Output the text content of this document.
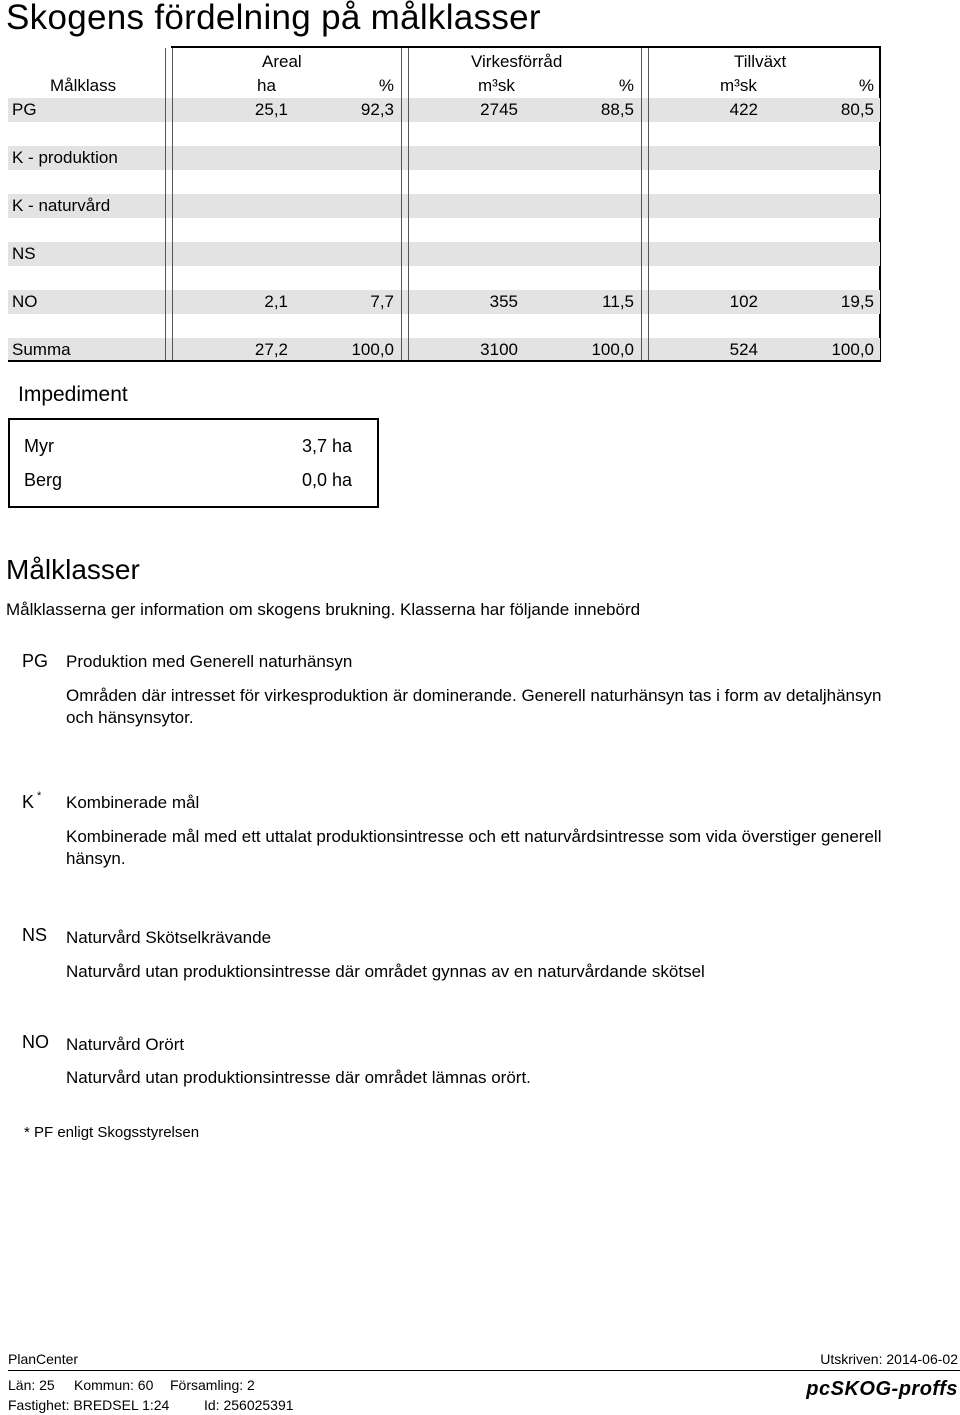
Skogens fördelning på målklasser
Areal	Virkesförråd	Tillväxt
Målklass	ha	%	m³sk	%	m³sk	%
PG	25,1	92,3	2745	88,5	422	80,5
K - produktion
K - naturvård
NS
NO	2,1	7,7	355	11,5	102	19,5
Summa	27,2	100,0	3100	100,0	524	100,0
Impediment
Myr	3,7 ha
Berg	0,0 ha
Målklasser
Målklasserna ger information om skogens brukning. Klasserna har följande innebörd
PG Produktion med Generell naturhänsyn
Områden där intresset för virkesproduktion är dominerande. Generell naturhänsyn tas i form av detaljhänsyn och hänsynsytor.
K * Kombinerade mål
Kombinerade mål med ett uttalat produktionsintresse och ett naturvårdsintresse som vida överstiger generell hänsyn.
NS Naturvård Skötselkrävande
Naturvård utan produktionsintresse där området gynnas av en naturvårdande skötsel
NO Naturvård Orört
Naturvård utan produktionsintresse där området lämnas orört.
* PF enligt Skogsstyrelsen
PlanCenter	Utskriven: 2014-06-02
Län: 25 Kommun: 60 Församling: 2
Fastighet: BREDSEL 1:24 Id: 256025391
pcSKOG-proffs
